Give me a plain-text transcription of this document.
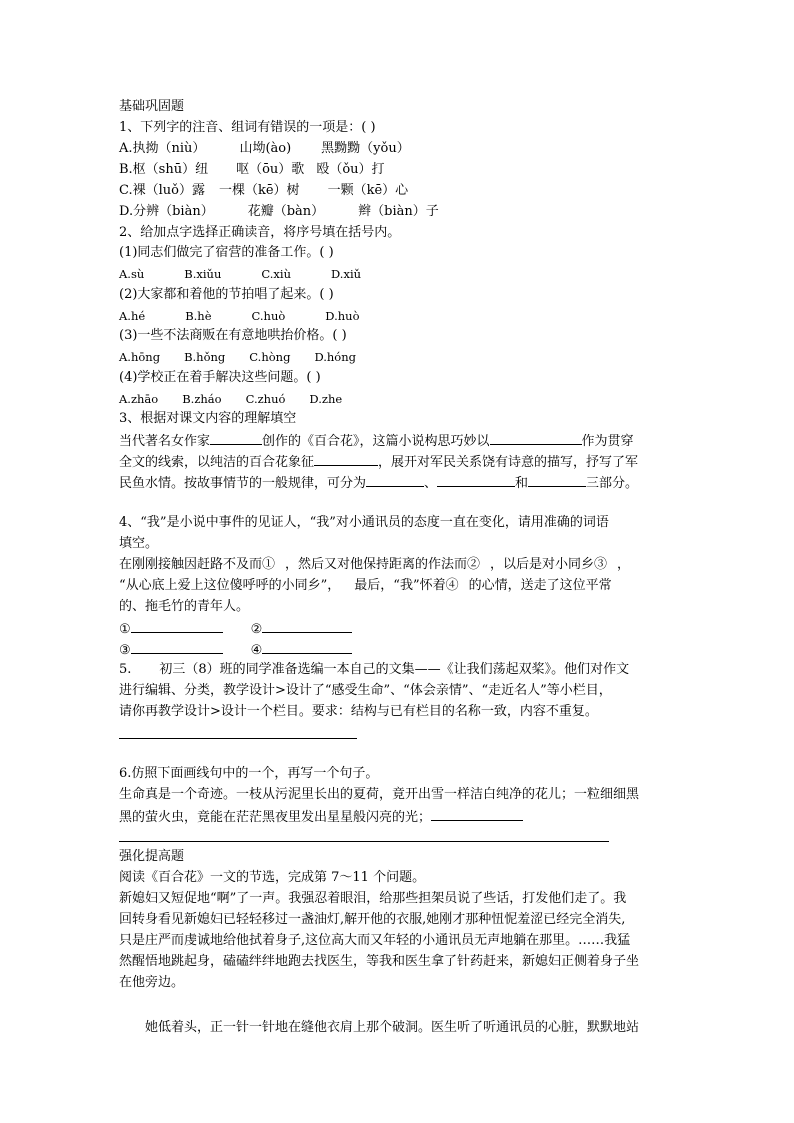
基础巩固题
1、下列字的注音、组词有错误的一项是：( )
A.执拗（niù）	山坳(ào) 黑黝黝（yǒu）
B.枢（shū）纽 呕（ōu）歌 殴（ǒu）打
C.裸（luǒ）露 一棵（kē）树 一颗（kē）心
D.分辨（biàn）	花瓣（bàn）	辫（biàn）子
2、给加点字选择正确读音，将序号填在括号内。
(1)同志们做完了宿营的准备工作。( )
A.sù	B.xiǔu	C.xiù	D.xiǔ
(2)大家都和着他的节拍唱了起来。( )
A.hé	B.hè	C.huò	D.huò
(3)一些不法商贩在有意地哄抬价格。( )
A.hōng B.hǒng C.hòng D.hóng
(4)学校正在着手解决这些问题。( )
A.zhāo B.zháo C.zhuó D.zhe
3、根据对课文内容的理解填空
当代著名女作家	创作的《百合花》，这篇小说构思巧妙以	作为贯穿
全文的线索，以纯洁的百合花象征	，展开对军民关系饶有诗意的描写，抒写了军
民鱼水情。按故事情节的一般规律，可分为	、	和	三部分。
4、“我”是小说中事件的见证人，“我”对小通讯员的态度一直在变化，请用准确的词语
填空。
在刚刚接触因赶路不及而① ，然后又对他保持距离的作法而② ，以后是对小同乡③ ，
“从心底上爱上这位傻呼呼的小同乡”， 最后，“我”怀着④ 的心情，送走了这位平常
的、拖毛竹的青年人。
①	②
③	④
5. 初三（8）班的同学准备选编一本自己的文集——《让我们荡起双桨》。他们对作文
进行编辑、分类，教学设计>设计了“感受生命”、“体会亲情”、“走近名人”等小栏目，
请你再教学设计>设计一个栏目。要求：结构与已有栏目的名称一致，内容不重复。
6.仿照下面画线句中的一个，再写一个句子。
生命真是一个奇迹。一枝从污泥里长出的夏荷，竟开出雪一样洁白纯净的花儿；一粒细细黑
黑的萤火虫，竟能在茫茫黑夜里发出星星般闪亮的光；
强化提高题
阅读《百合花》一文的节选，完成第 7～11 个问题。
新媳妇又短促地“啊”了一声。我强忍着眼泪，给那些担架员说了些话，打发他们走了。我
回转身看见新媳妇已轻轻移过一盏油灯,解开他的衣服,她刚才那种忸怩羞涩已经完全消失,
只是庄严而虔诚地给他拭着身子,这位高大而又年轻的小通讯员无声地躺在那里。……我猛
然醒悟地跳起身，磕磕绊绊地跑去找医生，等我和医生拿了针药赶来，新媳妇正侧着身子坐
在他旁边。
她低着头，正一针一针地在缝他衣肩上那个破洞。医生听了听通讯员的心脏，默默地站
